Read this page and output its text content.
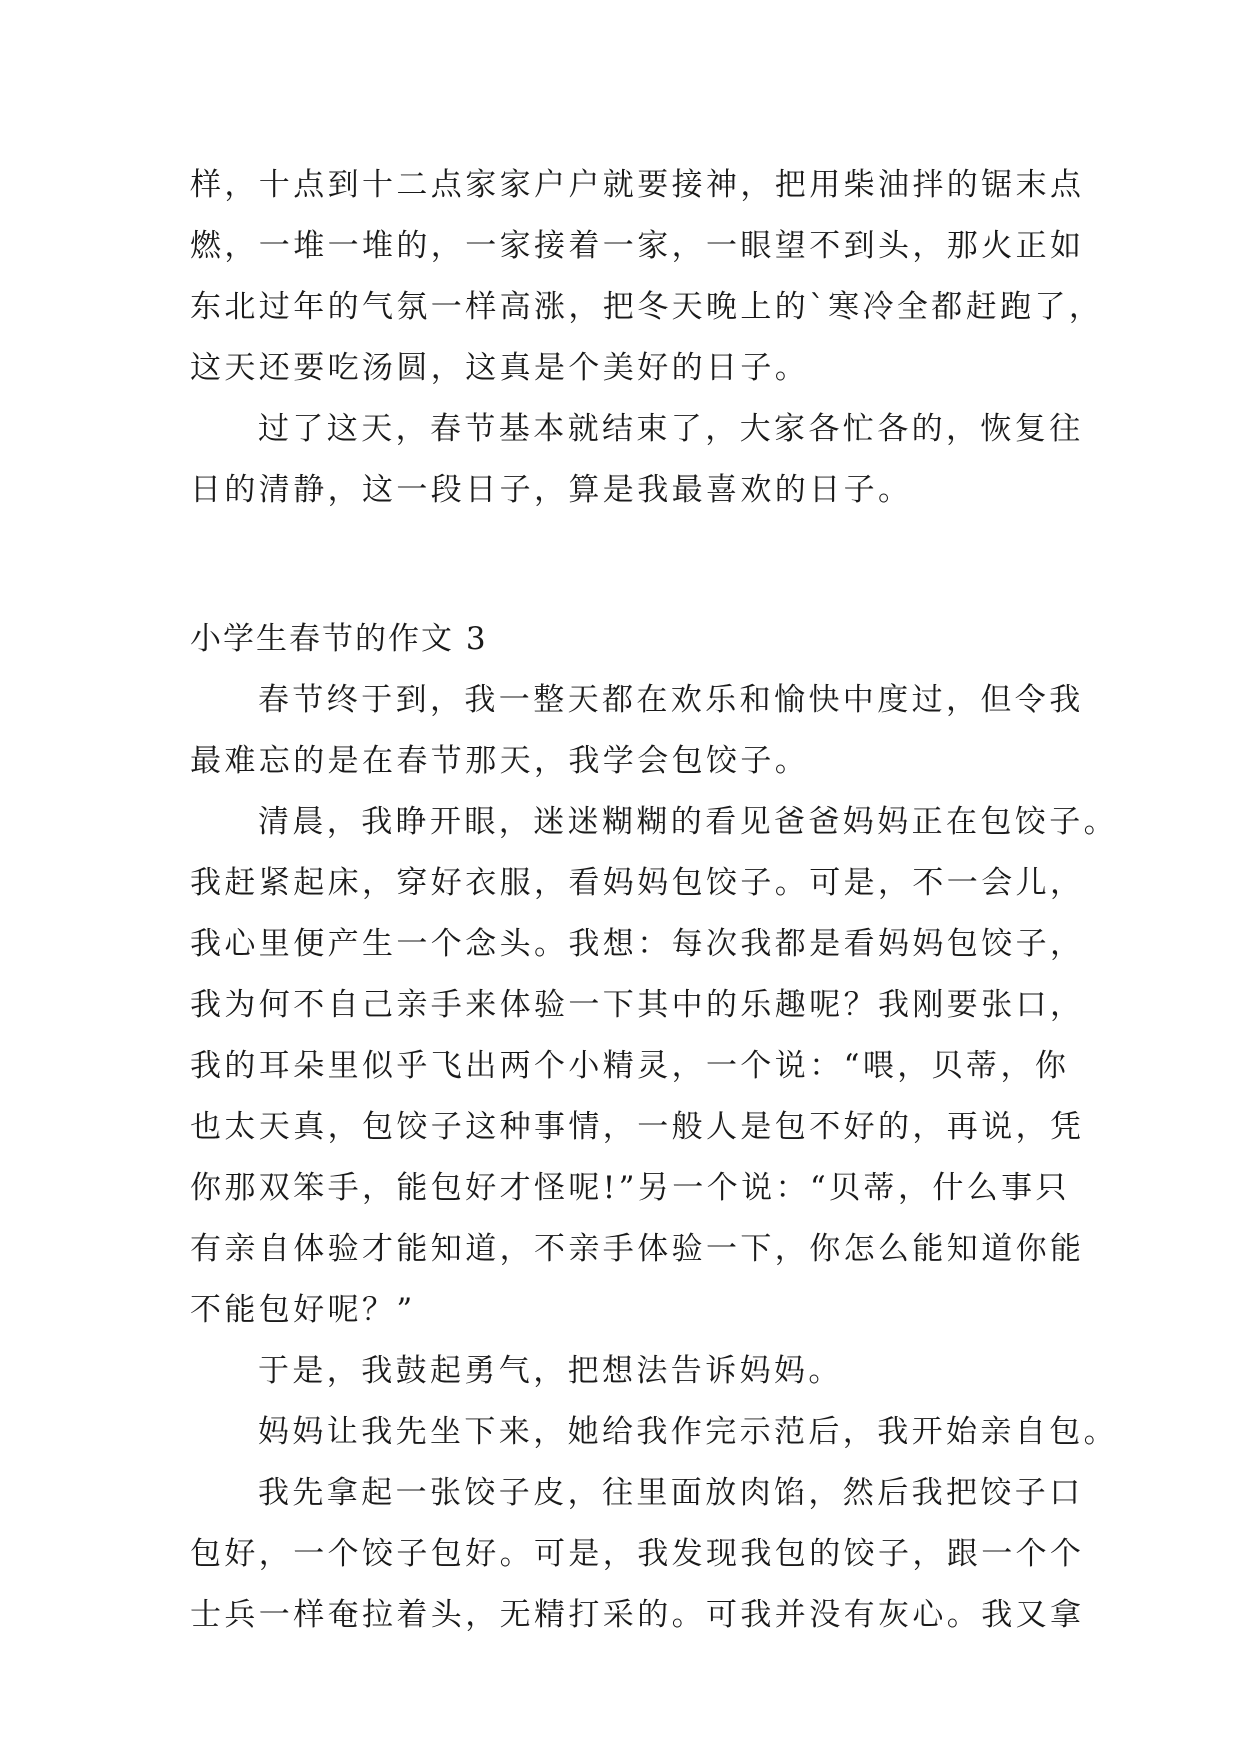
样，十点到十二点家家户户就要接神，把用柴油拌的锯末点
燃，一堆一堆的，一家接着一家，一眼望不到头，那火正如
东北过年的气氛一样高涨，把冬天晚上的`寒冷全都赶跑了，
这天还要吃汤圆，这真是个美好的日子。
过了这天，春节基本就结束了，大家各忙各的，恢复往
日的清静，这一段日子，算是我最喜欢的日子。
小学生春节的作文 3
春节终于到，我一整天都在欢乐和愉快中度过，但令我
最难忘的是在春节那天，我学会包饺子。
清晨，我睁开眼，迷迷糊糊的看见爸爸妈妈正在包饺子。
我赶紧起床，穿好衣服，看妈妈包饺子。可是，不一会儿，
我心里便产生一个念头。我想：每次我都是看妈妈包饺子，
我为何不自己亲手来体验一下其中的乐趣呢？我刚要张口，
我的耳朵里似乎飞出两个小精灵，一个说：“喂，贝蒂，你
也太天真，包饺子这种事情，一般人是包不好的，再说，凭
你那双笨手，能包好才怪呢!”另一个说：“贝蒂，什么事只
有亲自体验才能知道，不亲手体验一下，你怎么能知道你能
不能包好呢？”
于是，我鼓起勇气，把想法告诉妈妈。
妈妈让我先坐下来，她给我作完示范后，我开始亲自包。
我先拿起一张饺子皮，往里面放肉馅，然后我把饺子口
包好，一个饺子包好。可是，我发现我包的饺子，跟一个个
士兵一样奄拉着头，无精打采的。可我并没有灰心。我又拿
